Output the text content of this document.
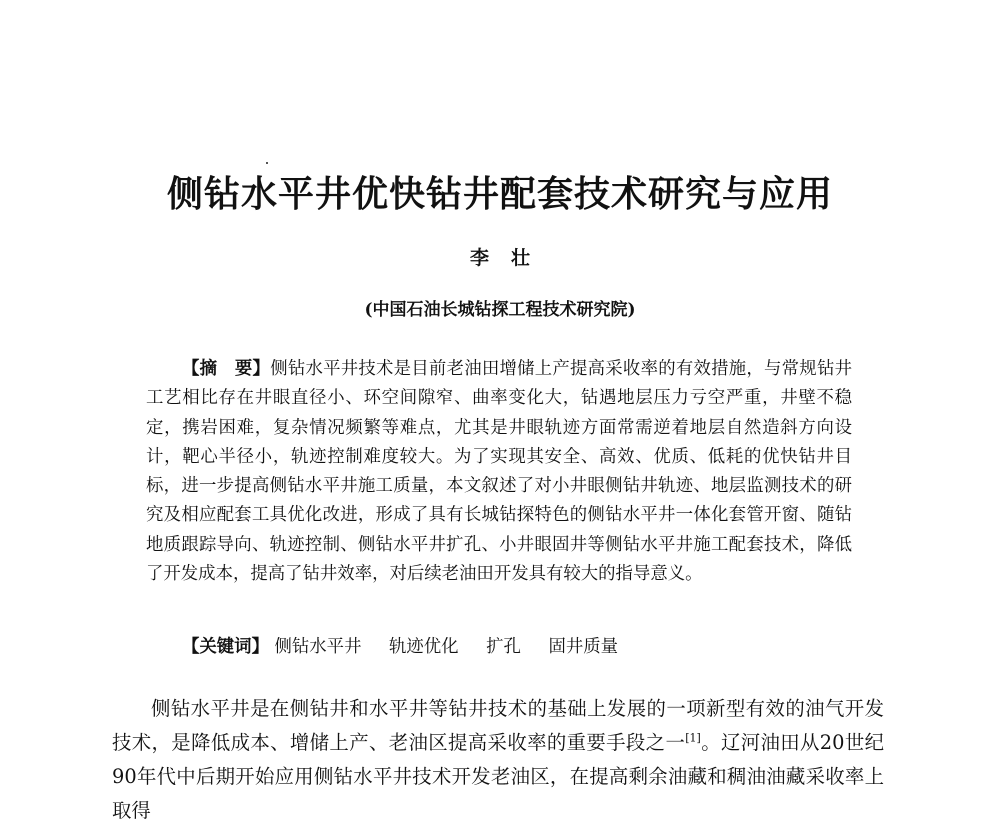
侧钻水平井优快钻井配套技术研究与应用
李壮
(中国石油长城钻探工程技术研究院)

【摘　要】侧钻水平井技术是目前老油田增储上产提高采收率的有效措施，与常规钻井工艺相比存在井眼直径小、环空间隙窄、曲率变化大，钻遇地层压力亏空严重，井壁不稳定，携岩困难，复杂情况频繁等难点，尤其是井眼轨迹方面常需逆着地层自然造斜方向设计，靶心半径小，轨迹控制难度较大。为了实现其安全、高效、优质、低耗的优快钻井目标，进一步提高侧钻水平井施工质量，本文叙述了对小井眼侧钻井轨迹、地层监测技术的研究及相应配套工具优化改进，形成了具有长城钻探特色的侧钻水平井一体化套管开窗、随钻地质跟踪导向、轨迹控制、侧钻水平井扩孔、小井眼固井等侧钻水平井施工配套技术，降低了开发成本，提高了钻井效率，对后续老油田开发具有较大的指导意义。

【关键词】 侧钻水平井 轨迹优化 扩孔 固井质量

侧钻水平井是在侧钻井和水平井等钻井技术的基础上发展的一项新型有效的油气开发技术，是降低成本、增储上产、老油区提高采收率的重要手段之一[1]。辽河油田从20世纪90年代中后期开始应用侧钻水平井技术开发老油区，在提高剩余油藏和稠油油藏采收率上取得
